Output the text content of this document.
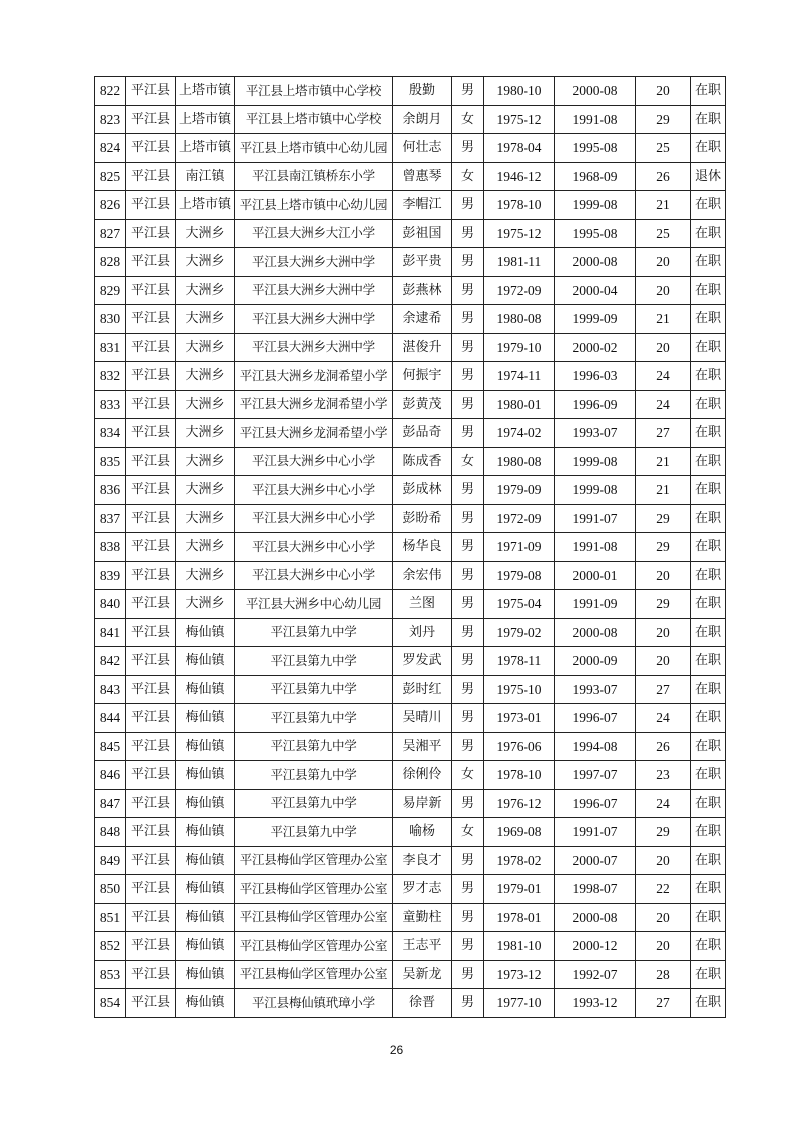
822	平江县	上塔市镇	平江县上塔市镇中心学校	殷勤	男	1980-10	2000-08	20	在职
823	平江县	上塔市镇	平江县上塔市镇中心学校	余朗月	女	1975-12	1991-08	29	在职
824	平江县	上塔市镇	平江县上塔市镇中心幼儿园	何壮志	男	1978-04	1995-08	25	在职
825	平江县	南江镇	平江县南江镇桥东小学	曾惠琴	女	1946-12	1968-09	26	退休
826	平江县	上塔市镇	平江县上塔市镇中心幼儿园	李帽江	男	1978-10	1999-08	21	在职
827	平江县	大洲乡	平江县大洲乡大江小学	彭祖国	男	1975-12	1995-08	25	在职
828	平江县	大洲乡	平江县大洲乡大洲中学	彭平贵	男	1981-11	2000-08	20	在职
829	平江县	大洲乡	平江县大洲乡大洲中学	彭燕林	男	1972-09	2000-04	20	在职
830	平江县	大洲乡	平江县大洲乡大洲中学	余逮希	男	1980-08	1999-09	21	在职
831	平江县	大洲乡	平江县大洲乡大洲中学	湛俊升	男	1979-10	2000-02	20	在职
832	平江县	大洲乡	平江县大洲乡龙洞希望小学	何振宇	男	1974-11	1996-03	24	在职
833	平江县	大洲乡	平江县大洲乡龙洞希望小学	彭黄茂	男	1980-01	1996-09	24	在职
834	平江县	大洲乡	平江县大洲乡龙洞希望小学	彭品奇	男	1974-02	1993-07	27	在职
835	平江县	大洲乡	平江县大洲乡中心小学	陈成香	女	1980-08	1999-08	21	在职
836	平江县	大洲乡	平江县大洲乡中心小学	彭成林	男	1979-09	1999-08	21	在职
837	平江县	大洲乡	平江县大洲乡中心小学	彭盼希	男	1972-09	1991-07	29	在职
838	平江县	大洲乡	平江县大洲乡中心小学	杨华良	男	1971-09	1991-08	29	在职
839	平江县	大洲乡	平江县大洲乡中心小学	余宏伟	男	1979-08	2000-01	20	在职
840	平江县	大洲乡	平江县大洲乡中心幼儿园	兰图	男	1975-04	1991-09	29	在职
841	平江县	梅仙镇	平江县第九中学	刘丹	男	1979-02	2000-08	20	在职
842	平江县	梅仙镇	平江县第九中学	罗发武	男	1978-11	2000-09	20	在职
843	平江县	梅仙镇	平江县第九中学	彭时红	男	1975-10	1993-07	27	在职
844	平江县	梅仙镇	平江县第九中学	吴晴川	男	1973-01	1996-07	24	在职
845	平江县	梅仙镇	平江县第九中学	吴湘平	男	1976-06	1994-08	26	在职
846	平江县	梅仙镇	平江县第九中学	徐俐伶	女	1978-10	1997-07	23	在职
847	平江县	梅仙镇	平江县第九中学	易岸新	男	1976-12	1996-07	24	在职
848	平江县	梅仙镇	平江县第九中学	喻杨	女	1969-08	1991-07	29	在职
849	平江县	梅仙镇	平江县梅仙学区管理办公室	李良才	男	1978-02	2000-07	20	在职
850	平江县	梅仙镇	平江县梅仙学区管理办公室	罗才志	男	1979-01	1998-07	22	在职
851	平江县	梅仙镇	平江县梅仙学区管理办公室	童勤柱	男	1978-01	2000-08	20	在职
852	平江县	梅仙镇	平江县梅仙学区管理办公室	王志平	男	1981-10	2000-12	20	在职
853	平江县	梅仙镇	平江县梅仙学区管理办公室	吴新龙	男	1973-12	1992-07	28	在职
854	平江县	梅仙镇	平江县梅仙镇玳璋小学	徐晋	男	1977-10	1993-12	27	在职
26
